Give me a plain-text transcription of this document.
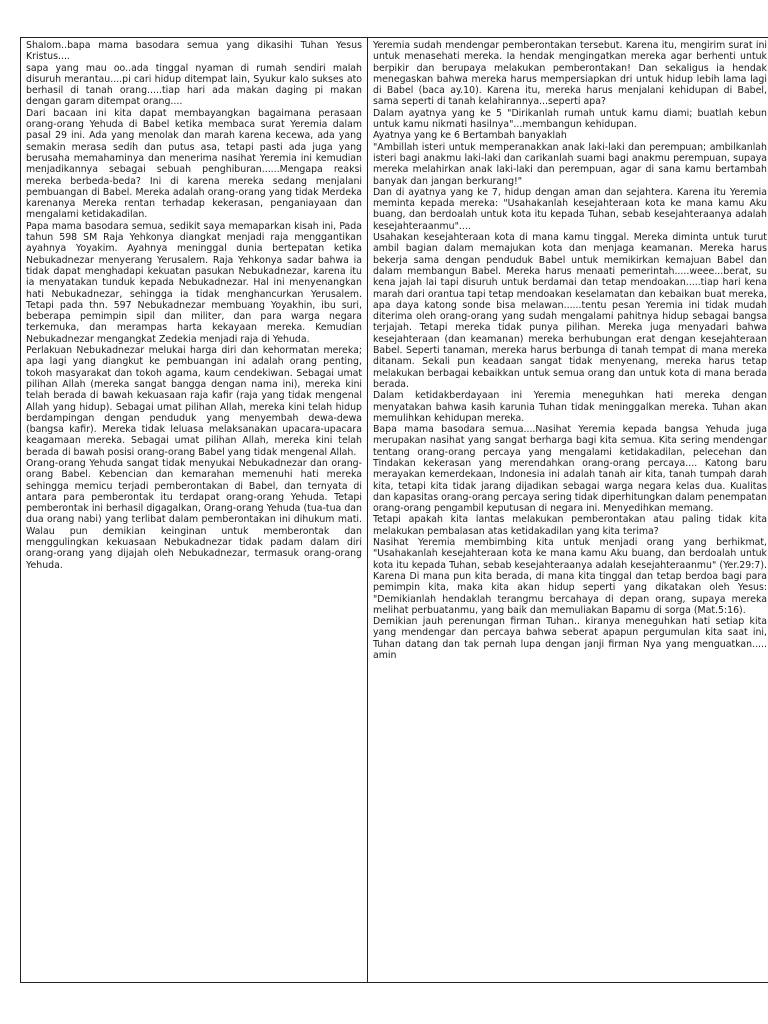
Shalom..bapa mama basodara semua yang dikasihi Tuhan Yesus Kristus....
sapa yang mau oo..ada tinggal nyaman di rumah sendiri malah disuruh merantau....pi cari hidup ditempat lain, Syukur kalo sukses ato berhasil di tanah orang.....tiap hari ada makan daging pi makan dengan garam ditempat orang....

Dari bacaan ini kita dapat membayangkan bagaimana perasaan orang-orang Yehuda di Babel ketika membaca surat Yeremia dalam pasal 29 ini. Ada yang menolak dan marah karena kecewa, ada yang semakin merasa sedih dan putus asa, tetapi pasti ada juga yang berusaha memahaminya dan menerima nasihat Yeremia ini kemudian menjadikannya sebagai sebuah penghiburan......Mengapa reaksi mereka berbeda-beda? Ini di karena mereka sedang menjalani pembuangan di Babel. Mereka adalah orang-orang yang tidak Merdeka karenanya Mereka rentan terhadap kekerasan, penganiayaan dan mengalami ketidakadilan.

Papa mama basodara semua, sedikit saya memaparkan kisah ini, Pada tahun 598 SM Raja Yehkonya diangkat menjadi raja menggantikan ayahnya Yoyakim. Ayahnya meninggal dunia bertepatan ketika Nebukadnezar menyerang Yerusalem. Raja Yehkonya sadar bahwa ia tidak dapat menghadapi kekuatan pasukan Nebukadnezar, karena itu ia menyatakan tunduk kepada Nebukadnezar. Hal ini menyenangkan hati Nebukadnezar, sehingga ia tidak menghancurkan Yerusalem. Tetapi pada thn. 597 Nebukadnezar membuang Yoyakhin, ibu suri, beberapa pemimpin sipil dan militer, dan para warga negara terkemuka, dan merampas harta kekayaan mereka. Kemudian Nebukadnezar mengangkat Zedekia menjadi raja di Yehuda.

Perlakuan Nebukadnezar melukai harga diri dan kehormatan mereka; apa lagi yang diangkut ke pembuangan ini adalah orang penting, tokoh masyarakat dan tokoh agama, kaum cendekiwan. Sebagai umat pilihan Allah (mereka sangat bangga dengan nama ini), mereka kini telah berada di bawah kekuasaan raja kafir (raja yang tidak mengenal Allah yang hidup). Sebagai umat pilihan Allah, mereka kini telah hidup berdampingan dengan penduduk yang menyembah dewa-dewa (bangsa kafir). Mereka tidak leluasa melaksanakan upacara-upacara keagamaan mereka. Sebagai umat pilihan Allah, mereka kini telah berada di bawah posisi orang-orang Babel yang tidak mengenal Allah.

Orang-orang Yehuda sangat tidak menyukai Nebukadnezar dan orang-orang Babel. Kebencian dan kemarahan memenuhi hati mereka sehingga memicu terjadi pemberontakan di Babel, dan ternyata di antara para pemberontak itu terdapat orang-orang Yehuda. Tetapi pemberontak ini berhasil digagalkan, Orang-orang Yehuda (tua-tua dan dua orang nabi) yang terlibat dalam pemberontakan ini dihukum mati. Walau pun demikian keinginan untuk memberontak dan menggulingkan kekuasaan Nebukadnezar tidak padam dalam diri orang-orang yang dijajah oleh Nebukadnezar, termasuk orang-orang Yehuda.

Yeremia sudah mendengar pemberontakan tersebut. Karena itu, mengirim surat ini untuk menasehati mereka. Ia hendak mengingatkan mereka agar berhenti untuk berpikir dan berupaya melakukan pemberontakan! Dan sekaligus ia hendak menegaskan bahwa mereka harus mempersiapkan dri untuk hidup lebih lama lagi di Babel (baca ay.10). Karena itu, mereka harus menjalani kehidupan di Babel, sama seperti di tanah kelahirannya...seperti apa?

Dalam ayatnya yang ke 5 "Dirikanlah rumah untuk kamu diami; buatlah kebun untuk kamu nikmati hasilnya"...membangun kehidupan.

Ayatnya yang ke 6 Bertambah banyaklah

"Ambillah isteri untuk memperanakkan anak laki-laki dan perempuan; ambilkanlah isteri bagi anakmu laki-laki dan carikanlah suami bagi anakmu perempuan, supaya mereka melahirkan anak laki-laki dan perempuan, agar di sana kamu bertambah banyak dan jangan berkurang!"

Dan di ayatnya yang ke 7, hidup dengan aman dan sejahtera. Karena itu Yeremia meminta kepada mereka: "Usahakanlah kesejahteraan kota ke mana kamu Aku buang, dan berdoalah untuk kota itu kepada Tuhan, sebab kesejahteraanya adalah kesejahteraanmu"....

Usahakan kesejahteraan kota di mana kamu tinggal. Mereka diminta untuk turut ambil bagian dalam memajukan kota dan menjaga keamanan. Mereka harus bekerja sama dengan penduduk Babel untuk memikirkan kemajuan Babel dan dalam membangun Babel. Mereka harus menaati pemerintah.....weee...berat, su kena jajah lai tapi disuruh untuk berdamai dan tetap mendoakan.....tiap hari kena marah dari orantua tapi tetap mendoakan keselamatan dan kebaikan buat mereka, apa daya katong sonde bisa melawan......tentu pesan Yeremia ini tidak mudah diterima oleh orang-orang yang sudah mengalami pahitnya hidup sebagai bangsa terjajah. Tetapi mereka tidak punya pilihan. Mereka juga menyadari bahwa kesejahteraan (dan keamanan) mereka berhubungan erat dengan kesejahteraan Babel. Seperti tanaman, mereka harus berbunga di tanah tempat di mana mereka ditanam. Sekali pun keadaan sangat tidak menyenang, mereka harus tetap melakukan berbagai kebaikkan untuk semua orang dan untuk kota di mana berada berada.

Dalam ketidakberdayaan ini Yeremia meneguhkan hati mereka dengan menyatakan bahwa kasih karunia Tuhan tidak meninggalkan mereka. Tuhan akan memulihkan kehidupan mereka.

Bapa mama basodara semua....Nasihat Yeremia kepada bangsa Yehuda juga merupakan nasihat yang sangat berharga bagi kita semua. Kita sering mendengar tentang orang-orang percaya yang mengalami ketidakadilan, pelecehan dan Tindakan kekerasan yang merendahkan orang-orang percaya.... Katong baru merayakan kemerdekaan, Indonesia ini adalah tanah air kita, tanah tumpah darah kita, tetapi kita tidak jarang dijadikan sebagai warga negara kelas dua. Kualitas dan kapasitas orang-orang percaya sering tidak diperhitungkan dalam penempatan orang-orang pengambil keputusan di negara ini. Menyedihkan memang.

Tetapi apakah kita lantas melakukan pemberontakan atau paling tidak kita melakukan pembalasan atas ketidakadilan yang kita terima?

Nasihat Yeremia membimbing kita untuk menjadi orang yang berhikmat, "Usahakanlah kesejahteraan kota ke mana kamu Aku buang, dan berdoalah untuk kota itu kepada Tuhan, sebab kesejahteraanya adalah kesejahteraanmu" (Yer.29:7). Karena Di mana pun kita berada, di mana kita tinggal dan tetap berdoa bagi para pemimpin kita, maka kita akan hidup seperti yang dikatakan oleh Yesus: "Demikianlah hendaklah terangmu bercahaya di depan orang, supaya mereka melihat perbuatanmu, yang baik dan memuliakan Bapamu di sorga (Mat.5:16).

Demikian jauh perenungan firman Tuhan.. kiranya meneguhkan hati setiap kita yang mendengar dan percaya bahwa seberat apapun pergumulan kita saat ini, Tuhan datang dan tak pernah lupa dengan janji firman Nya yang menguatkan..... amin
